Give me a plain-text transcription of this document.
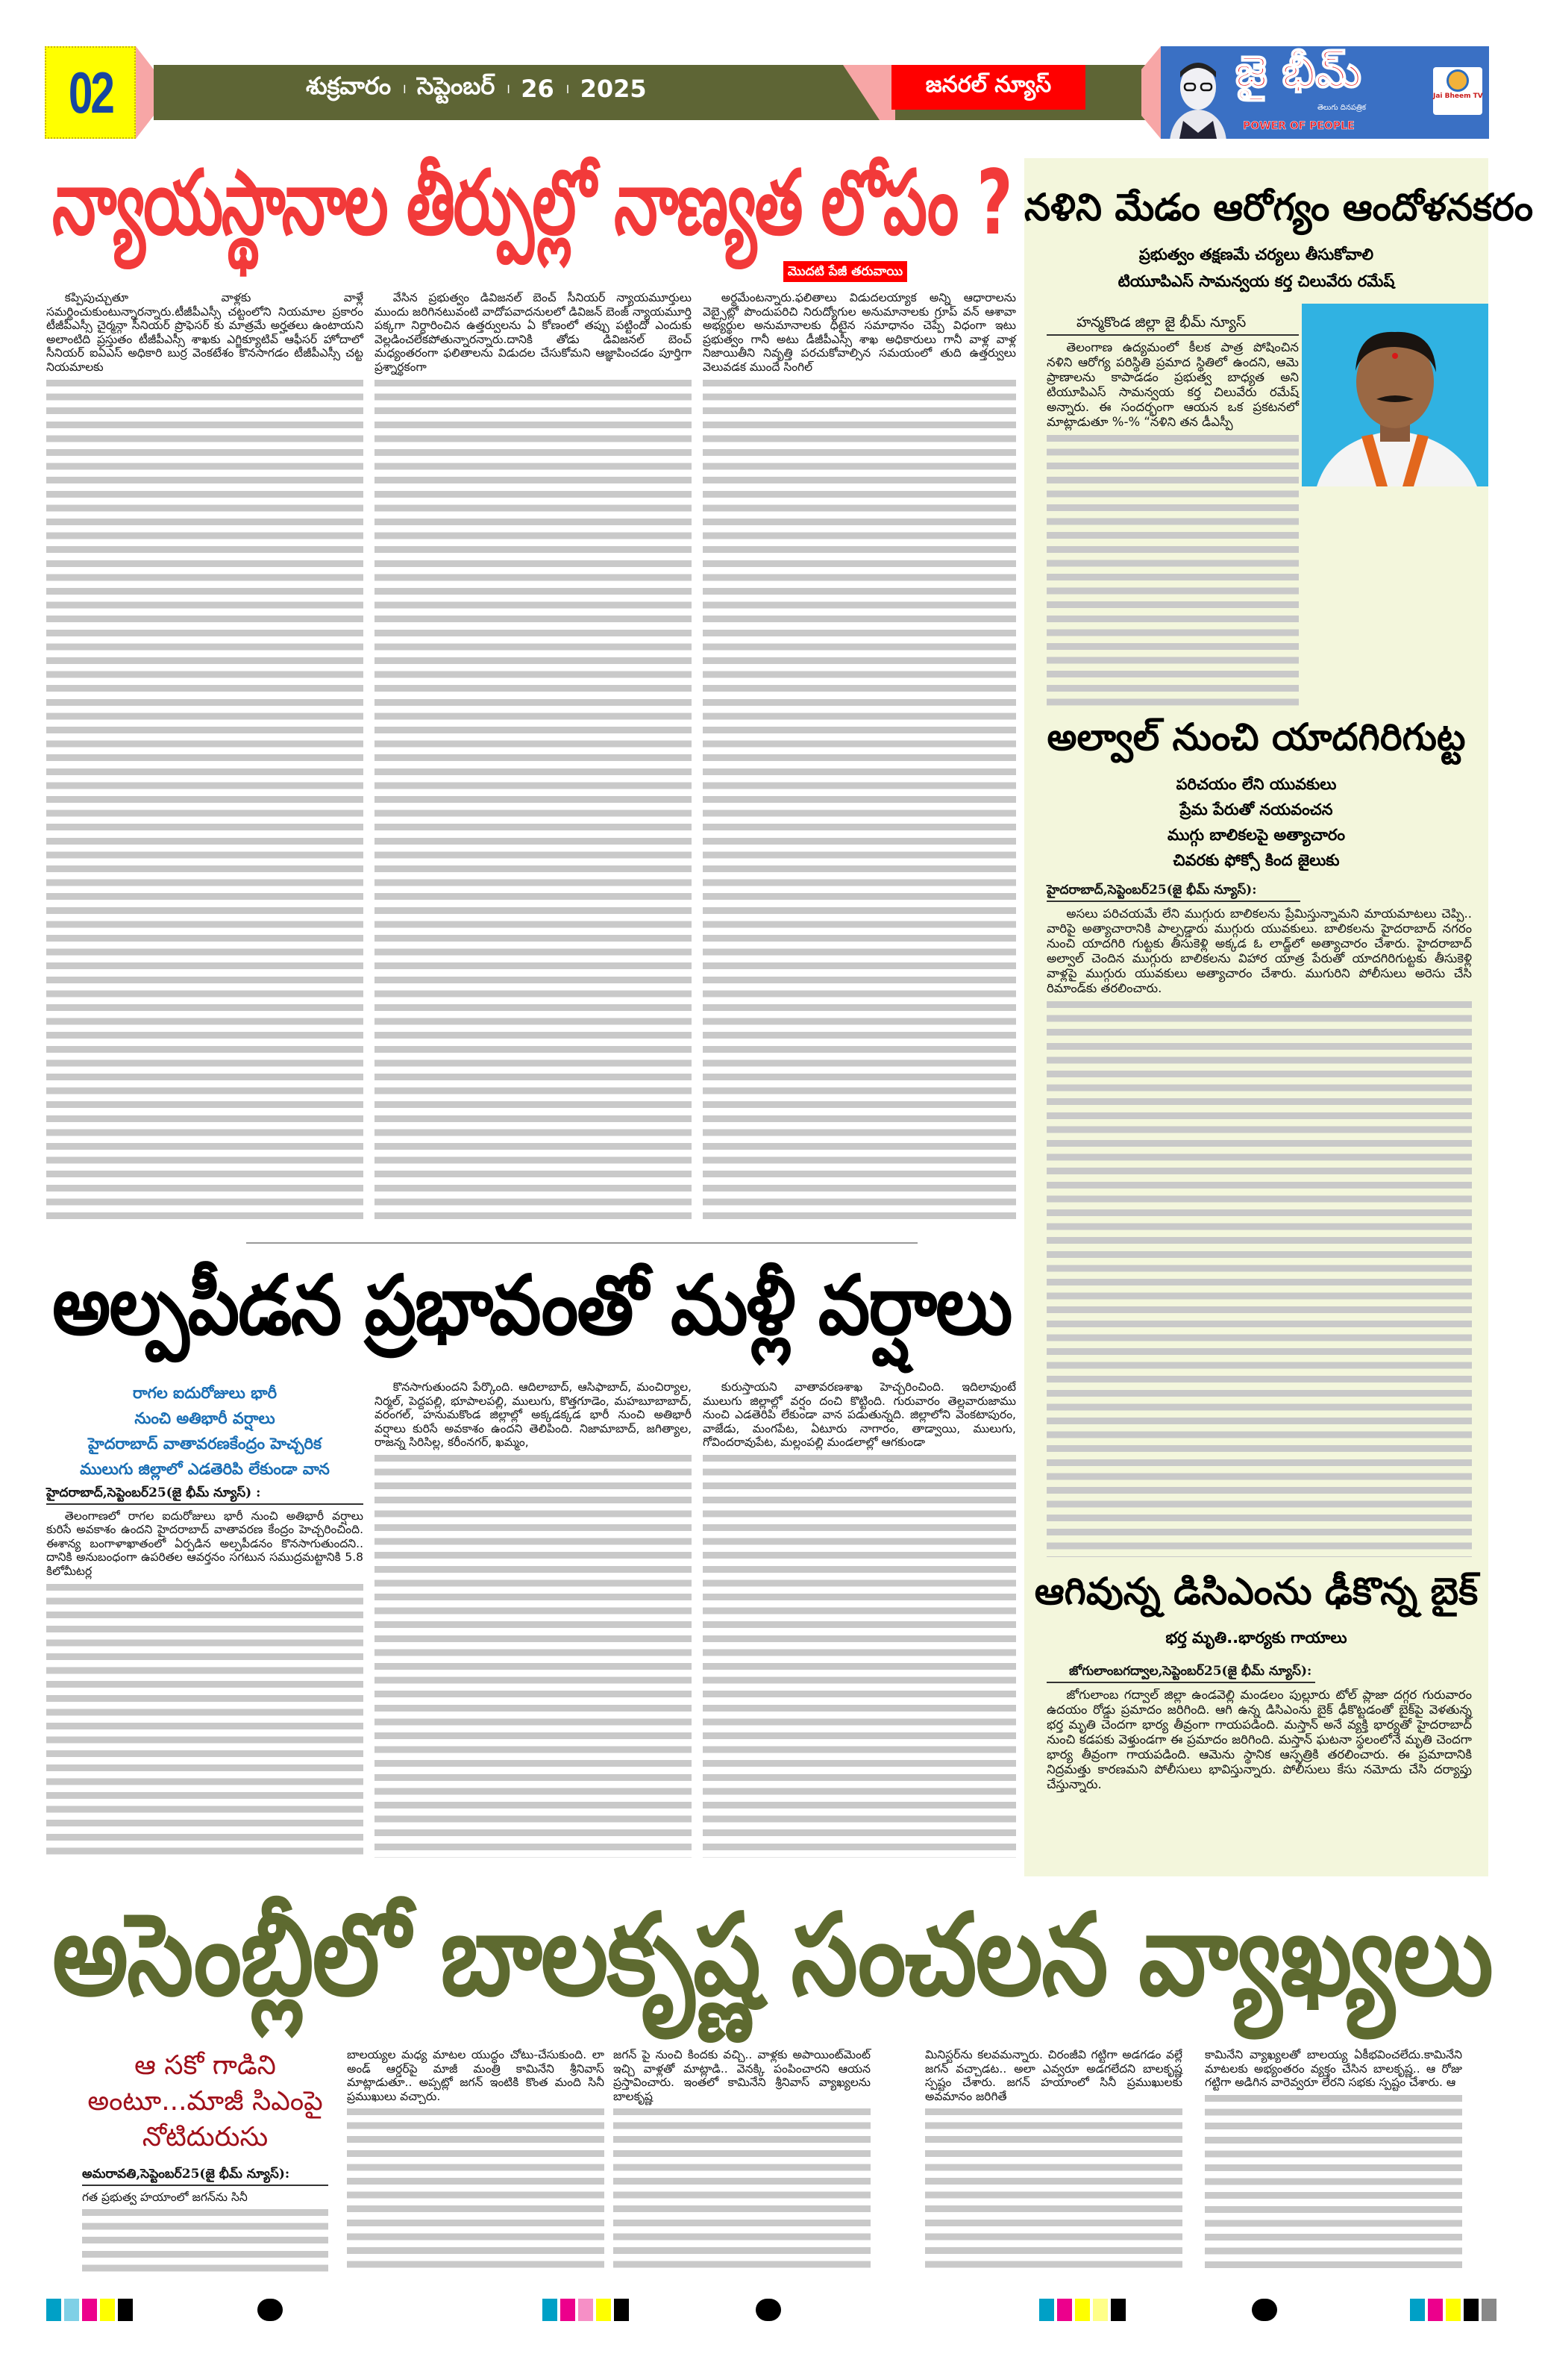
02	శుక్రవారం । సెప్టెంబర్ । 26 । 2025	జనరల్ న్యూస్	జై భీమ్
తెలుగు దినపత్రిక
POWER OF PEOPLE
Jai Bheem TV
న్యాయస్థానాల తీర్పుల్లో నాణ్యత లోపం ?
మొదటి పేజీ తరువాయి

కప్పిపుచ్చుతూ వాళ్లకు వాళ్లే సమర్థించుకుంటున్నారన్నారు.టీజీపీఎస్సీ చట్టంలోని నియమాల ప్రకారం టీజీపీఎస్సీ చైర్మన్గా సీనియర్ ప్రొఫెసర్ కు మాత్రమే అర్హతలు ఉంటాయని అలాంటిది ప్రస్తుతం టీజీపీఎస్సీ శాఖకు ఎగ్జిక్యూటివ్ ఆఫీసర్ హోదాలో సీనియర్ ఐఏఎస్ అధికారి బుర్ర వెంకటేశం కొనసాగడం టీజీపీఎస్సీ చట్ట నియమాలకు

వేసిన ప్రభుత్వం డివిజనల్ బెంచ్ సీనియర్ న్యాయమూర్తులు ముందు జరిగినటువంటి వాదోపవాదనులలో డివిజన్ బెంజ్ న్యాయమూర్తి పక్కగా నిర్ధారించిన ఉత్తర్వులను ఏ కోణంలో తప్పు పట్టిందో ఎందుకు వెల్లడించలేకపోతున్నారన్నారు.దానికి తోడు డివిజనల్ బెంచ్ మధ్యంతరంగా ఫలితాలను విడుదల చేసుకోమని ఆజ్ఞాపించడం పూర్తిగా ప్రశ్నార్థకంగా

అర్థమేంటన్నారు.ఫలితాలు విడుదలయ్యాక అన్ని ఆధారాలను వెబ్సైట్లో పొందుపరిచి నిరుద్యోగుల అనుమానాలకు గ్రూప్ వన్ ఆశావా అభ్యర్థుల అనుమానాలకు ధీటైన సమాధానం చెప్పే విధంగా ఇటు ప్రభుత్వం గానీ అటు డీజీపీఎస్సీ శాఖ అధికారులు గానీ వాళ్ల వాళ్ల నిజాయితీని నివృత్తి పరచుకోవాల్సిన సమయంలో తుది ఉత్తర్వులు వెలువడక ముందే సింగిల్

అల్పపీడన ప్రభావంతో మళ్లీ వర్షాలు
రాగల ఐదురోజులు భారీ
నుంచి అతిభారీ వర్షాలు
హైదరాబాద్ వాతావరణకేంద్రం హెచ్చరిక
ములుగు జిల్లాలో ఎడతెరిపి లేకుండా వాన
హైదరాబాద్,సెప్టెంబర్25(జై భీమ్ న్యూస్) :

తెలంగాణలో రాగల ఐదురోజులు భారీ నుంచి అతిభారీ వర్షాలు కురిసే అవకాశం ఉందని హైదరాబాద్ వాతావరణ కేంద్రం హెచ్చరించింది. ఈశాన్య బంగాళాఖాతంలో ఏర్పడిన అల్పపీడనం కొనసాగుతుందని.. దానికి అనుబంధంగా ఉపరితల ఆవర్తనం సగటున సముద్రమట్టానికి 5.8 కిలోమీటర్ల

కొనసాగుతుందని పేర్కొంది. ఆదిలాబాద్, ఆసిఫాబాద్, మంచిర్యాల, నిర్మల్, పెద్దపల్లి, భూపాలపల్లి, ములుగు, కొత్తగూడెం, మహబూబాబాద్, వరంగల్, హనుమకొండ జిల్లాల్లో అక్కడక్కడ భారీ నుంచి అతిభారీ వర్షాలు కురిసే అవకాశం ఉందని తెలిపింది. నిజామాబాద్, జగిత్యాల, రాజన్న సిరిసిల్ల, కరీంనగర్, ఖమ్మం,

కురుస్తాయని వాతావరణశాఖ హెచ్చరించింది. ఇదిలావుంటే ములుగు జిల్లాల్లో వర్షం దంచి కొట్టింది. గురువారం తెల్లవారుజాము నుంచి ఎడతెరిపి లేకుండా వాన పడుతున్నది. జిల్లాలోని వెంకటాపురం, వాజేడు, మంగపేట, ఏటూరు నాగారం, తాడ్వాయి, ములుగు, గోవిందరావుపేట, మల్లంపల్లి మండలాల్లో ఆగకుండా

నళిని మేడం ఆరోగ్యం ఆందోళనకరం
ప్రభుత్వం తక్షణమే చర్యలు తీసుకోవాలి
టియూపిఎస్ సామన్వయ కర్త చిలువేరు రమేష్
హన్మకొండ జిల్లా జై భీమ్ న్యూస్

తెలంగాణ ఉద్యమంలో కీలక పాత్ర పోషించిన నళిని ఆరోగ్య పరిస్థితి ప్రమాద స్థితిలో ఉందని, ఆమె ప్రాణాలను కాపాడడం ప్రభుత్వ బాధ్యత అని టియూపిఎస్ సామన్వయ కర్త చిలువేరు రమేష్ అన్నారు. ఈ సందర్భంగా ఆయన ఒక ప్రకటనలో మాట్లాడుతూ %-% “నళిని తన డీఎస్పీ

అల్వాల్ నుంచి యాదగిరిగుట్ట
పరిచయం లేని యువకులు
ప్రేమ పేరుతో నయవంచన
ముగ్గు బాలికలపై అత్యాచారం
చివరకు ఫోక్సో కింద జైలుకు
హైదరాబాద్,సెప్టెంబర్25(జై భీమ్ న్యూస్):

అసలు పరిచయమే లేని ముగ్గురు బాలికలను ప్రేమిస్తున్నామని మాయమాటలు చెప్పి.. వారిపై అత్యాచారానికి పాల్పడ్డారు ముగ్గురు యువకులు. బాలికలను హైదరాబాద్ నగరం నుంచి యాదగిరి గుట్టకు తీసుకెళ్లి అక్కడ ఓ లాడ్జ్‌లో అత్యాచారం చేశారు. హైదరాబాద్ అల్వాల్ చెందిన ముగ్గురు బాలికలను విహార యాత్ర పేరుతో యాదగిరిగుట్టకు తీసుకెళ్లి వాళ్లపై ముగ్గురు యువకులు అత్యాచారం చేశారు. ముగురిని పోలీసులు అరెసు చేసి రిమాండ్‌కు తరలించారు.

ఆగివున్న డిసిఎంను ఢీకొన్న బైక్
భర్త మృతి..భార్యకు గాయాలు
జోగులాంబగద్వాల,సెప్టెంబర్25(జై భీమ్ న్యూస్):

జోగులాంబ గద్వాల్ జిల్లా ఉండవెల్లి మండలం పుల్లూరు టోల్ ప్లాజా దగ్గర గురువారం ఉదయం రోడ్డు ప్రమాదం జరిగింది. ఆగి ఉన్న డిసిఎంను బైక్ ఢీకొట్టడంతో బైక్‌పై వెళతున్న భర్త మృతి చెందగా భార్య తీవ్రంగా గాయపడింది. మస్తాన్ అనే వ్యక్తి భార్యతో హైదరాబాద్ నుంచి కడపకు వెళ్తుండగా ఈ ప్రమాదం జరిగింది. మస్తాన్ ఘటనా స్థలంలోనే మృతి చెందగా భార్య తీవ్రంగా గాయపడింది. ఆమెను స్థానిక ఆస్పత్రికి తరలించారు. ఈ ప్రమాదానికి నిద్రమత్తు కారణమని పోలీసులు భావిస్తున్నారు. పోలీసులు కేసు నమోదు చేసి దర్యాప్తు చేస్తున్నారు.

అసెంబ్లీలో బాలకృష్ణ సంచలన వ్యాఖ్యలు
ఆ సకో గాడిని అంటూ...మాజీ సిఎంపై నోటిదురుసు
అమరావతి,సెప్టెంబర్25(జై భీమ్ న్యూస్):

గత ప్రభుత్వ హయాంలో జగన్‌ను సినీ

బాలయ్యల మధ్య మాటల యుద్ధం చోటు-చేసుకుంది. లా అండ్ ఆర్డర్‌పై మాజీ మంత్రి కామినేని శ్రీనివాస్ మాట్లాడుతూ.. అప్పట్లో జగన్ ఇంటికి కొంత మంది సినీ ప్రముఖులు వచ్చారు.

జగన్ పై నుంచి కిందకు వచ్చి.. వాళ్లకు అపాయింట్‌మెంట్ ఇచ్చి వాళ్లతో మాట్లాడి.. వెనక్కి పంపించారని ఆయన ప్రస్తావించారు. ఇంతలో కామినేని శ్రీనివాస్ వ్యాఖ్యలను బాలకృష్ణ

మినిస్టర్‌ను కలవమన్నారు. చిరంజీవి గట్టిగా అడగడం వల్లే జగన్ వచ్చాడట.. అలా ఎవ్వరూ అడగలేదని బాలకృష్ణ స్పష్టం చేశారు. జగన్ హయాంలో సినీ ప్రముఖులకు అవమానం జరిగితే

కామినేని వ్యాఖ్యలతో బాలయ్య ఏకీభవించలేదు.కామినేని మాటలకు అభ్యంతరం వ్యక్తం చేసిన బాలకృష్ణ.. ఆ రోజు గట్టిగా అడిగిన వారెవ్వరూ లేరని సభకు స్పష్టం చేశారు. ఆ
